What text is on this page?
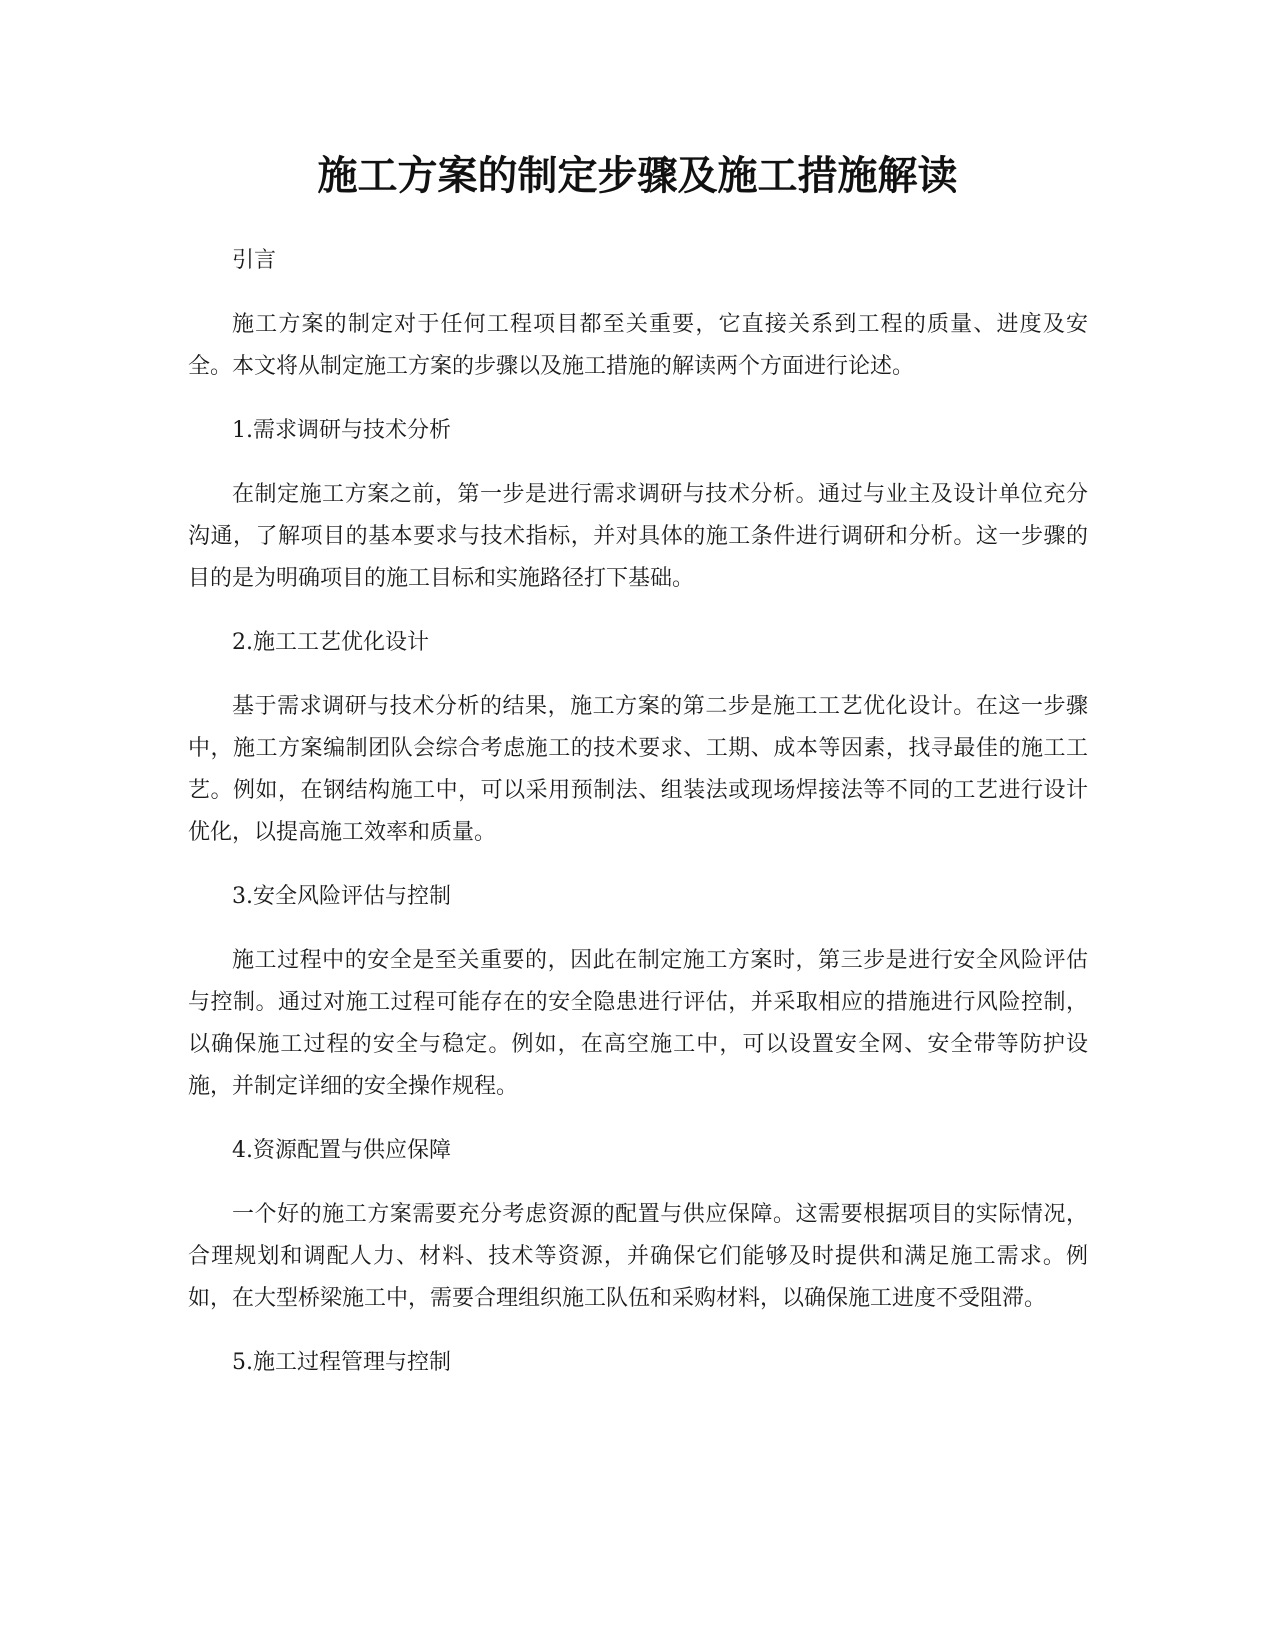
施工方案的制定步骤及施工措施解读

引言

施工方案的制定对于任何工程项目都至关重要，它直接关系到工程的质量、进度及安全。本文将从制定施工方案的步骤以及施工措施的解读两个方面进行论述。

1.需求调研与技术分析

在制定施工方案之前，第一步是进行需求调研与技术分析。通过与业主及设计单位充分沟通，了解项目的基本要求与技术指标，并对具体的施工条件进行调研和分析。这一步骤的目的是为明确项目的施工目标和实施路径打下基础。

2.施工工艺优化设计

基于需求调研与技术分析的结果，施工方案的第二步是施工工艺优化设计。在这一步骤中，施工方案编制团队会综合考虑施工的技术要求、工期、成本等因素，找寻最佳的施工工艺。例如，在钢结构施工中，可以采用预制法、组装法或现场焊接法等不同的工艺进行设计优化，以提高施工效率和质量。

3.安全风险评估与控制

施工过程中的安全是至关重要的，因此在制定施工方案时，第三步是进行安全风险评估与控制。通过对施工过程可能存在的安全隐患进行评估，并采取相应的措施进行风险控制，以确保施工过程的安全与稳定。例如，在高空施工中，可以设置安全网、安全带等防护设施，并制定详细的安全操作规程。

4.资源配置与供应保障

一个好的施工方案需要充分考虑资源的配置与供应保障。这需要根据项目的实际情况，合理规划和调配人力、材料、技术等资源，并确保它们能够及时提供和满足施工需求。例如，在大型桥梁施工中，需要合理组织施工队伍和采购材料，以确保施工进度不受阻滞。

5.施工过程管理与控制
